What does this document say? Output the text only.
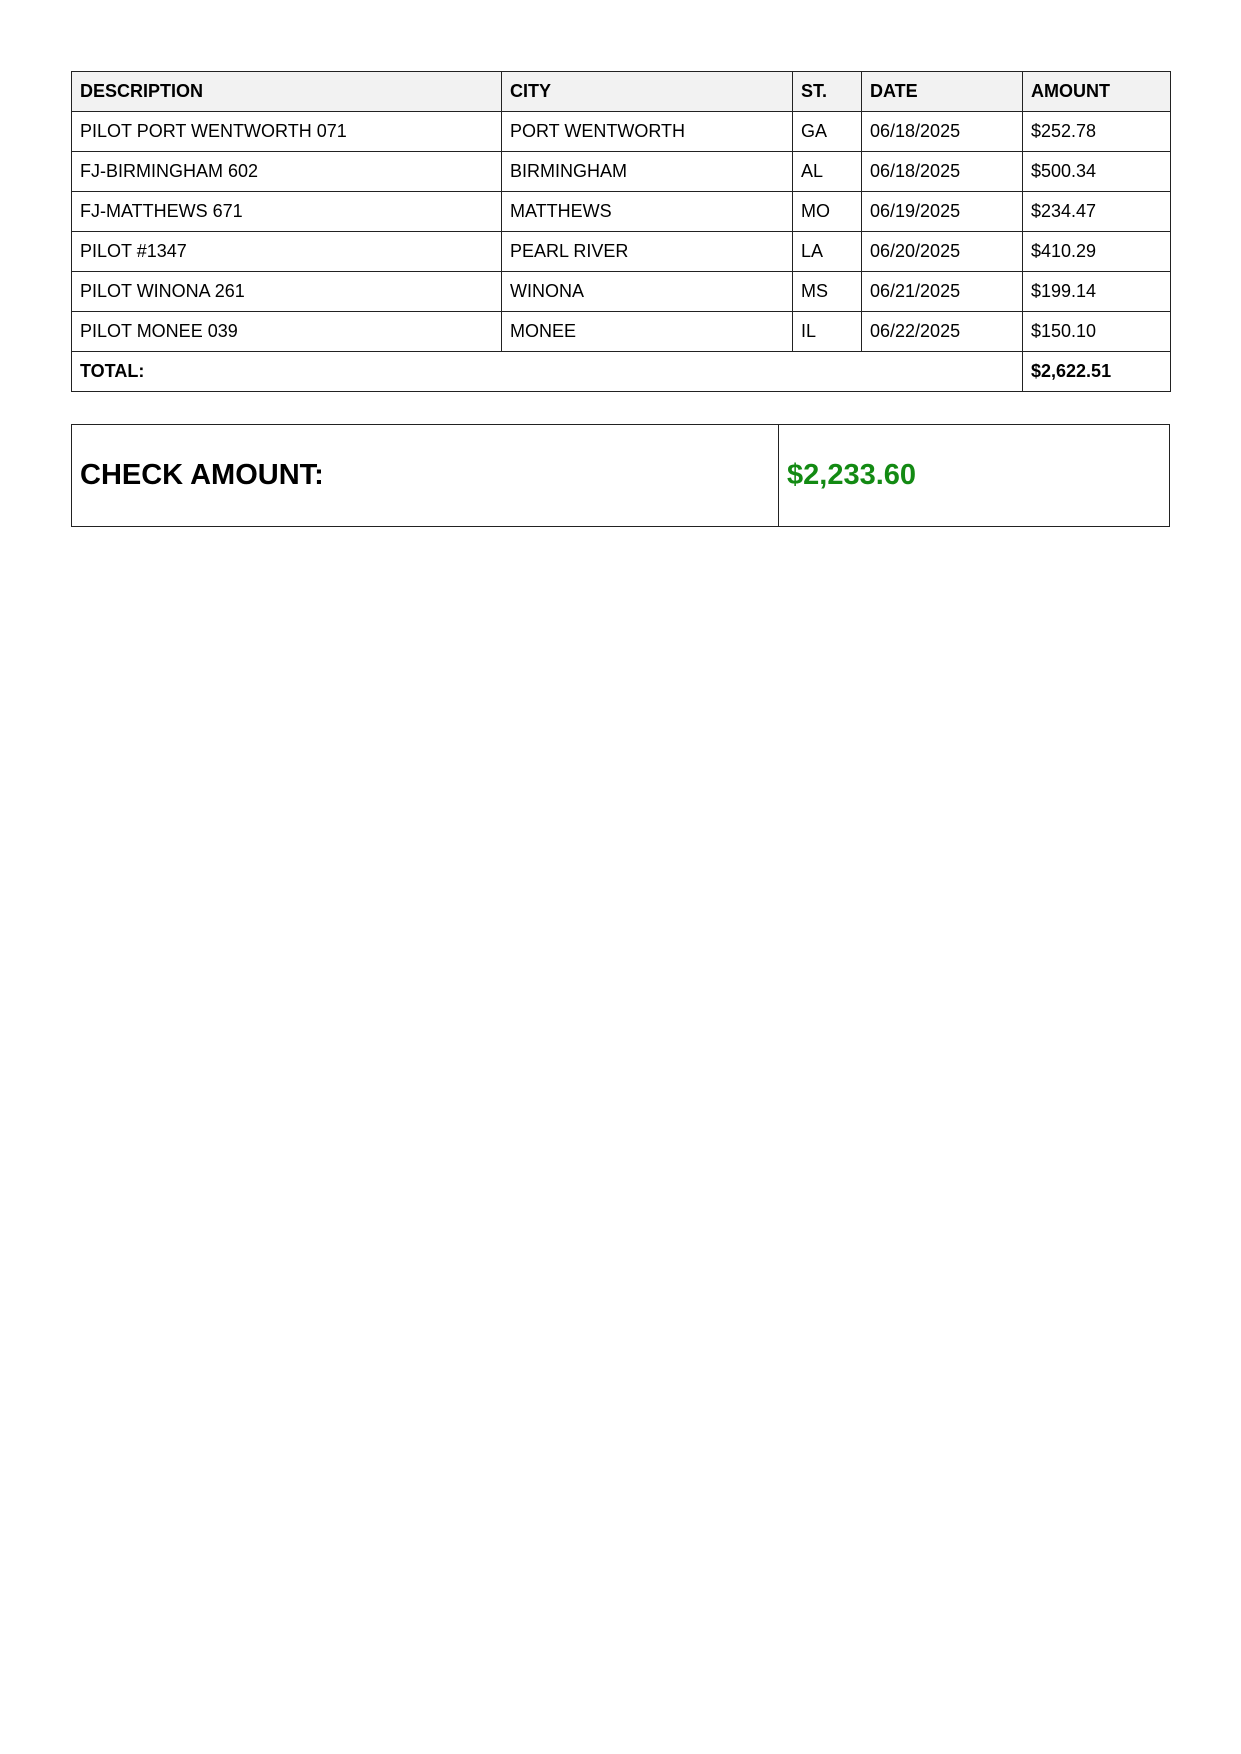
DESCRIPTION	CITY	ST.	DATE	AMOUNT
PILOT PORT WENTWORTH 071	PORT WENTWORTH	GA	06/18/2025	$252.78
FJ-BIRMINGHAM 602	BIRMINGHAM	AL	06/18/2025	$500.34
FJ-MATTHEWS 671	MATTHEWS	MO	06/19/2025	$234.47
PILOT #1347	PEARL RIVER	LA	06/20/2025	$410.29
PILOT WINONA 261	WINONA	MS	06/21/2025	$199.14
PILOT MONEE 039	MONEE	IL	06/22/2025	$150.10
TOTAL:				$2,622.51
CHECK AMOUNT:	$2,233.60
